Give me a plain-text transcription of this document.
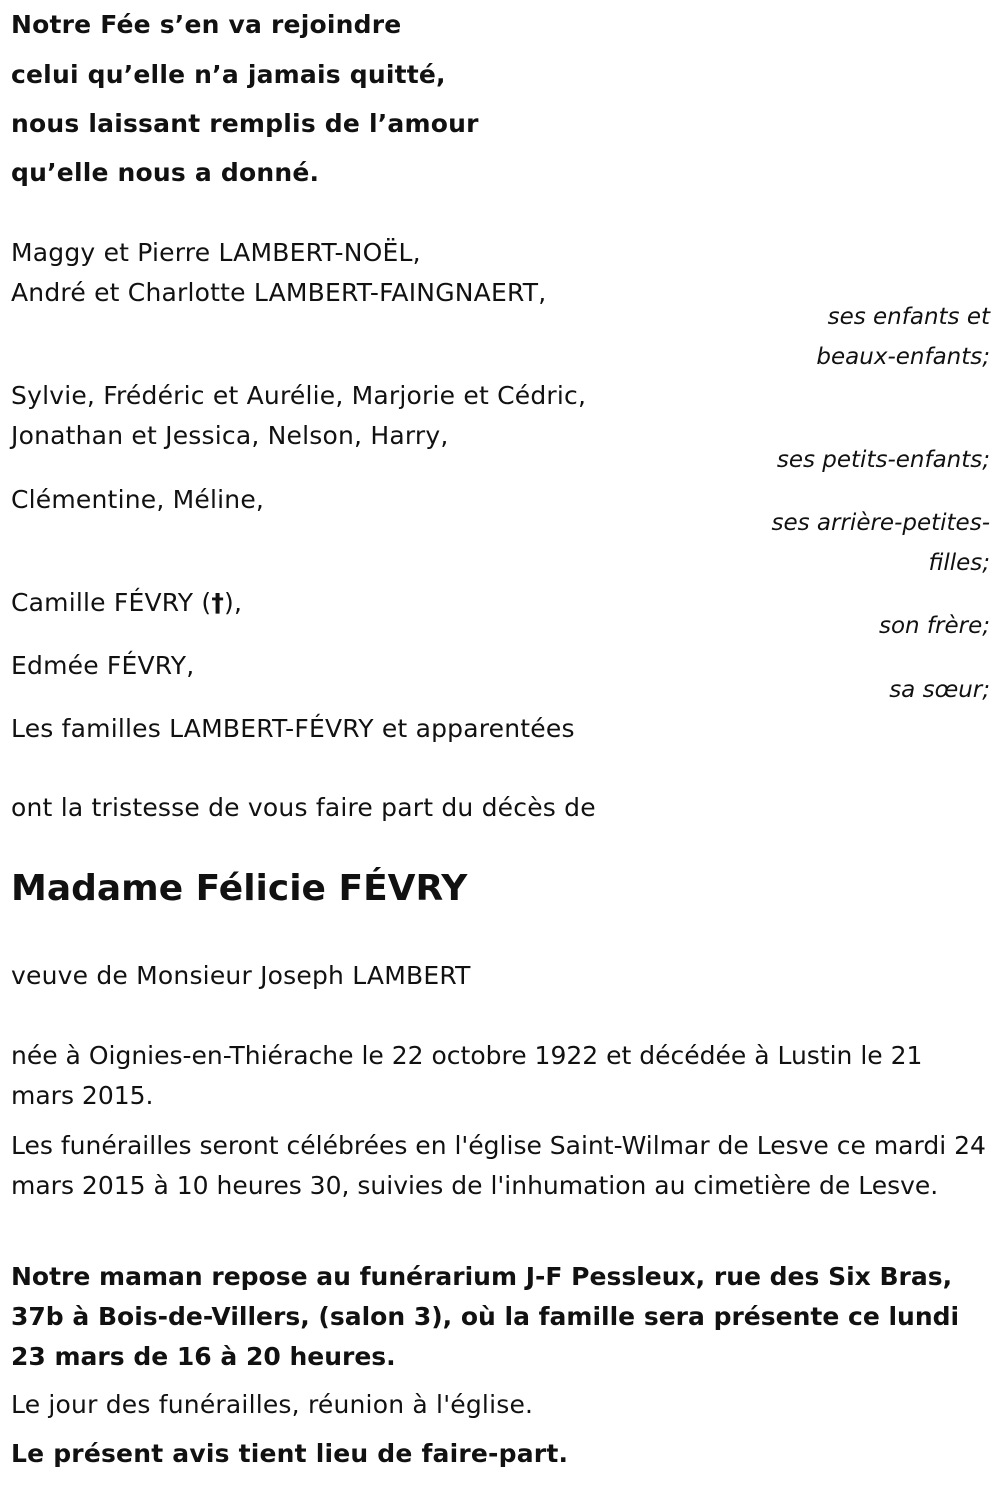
Notre Fée s’en va rejoindre

celui qu’elle n’a jamais quitté,

nous laissant remplis de l’amour

qu’elle nous a donné.

Maggy et Pierre LAMBERT-NOËL,

André et Charlotte LAMBERT-FAINGNAERT,

ses enfants et

beaux-enfants;

Sylvie, Frédéric et Aurélie, Marjorie et Cédric,

Jonathan et Jessica, Nelson, Harry,

ses petits-enfants;

Clémentine, Méline,

ses arrière-petites-

filles;

Camille FÉVRY (†),

son frère;

Edmée FÉVRY,

sa sœur;

Les familles LAMBERT-FÉVRY et apparentées

ont la tristesse de vous faire part du décès de

Madame Félicie FÉVRY

veuve de Monsieur Joseph LAMBERT

née à Oignies-en-Thiérache le 22 octobre 1922 et décédée à Lustin le 21 mars 2015.

Les funérailles seront célébrées en l'église Saint-Wilmar de Lesve ce mardi 24 mars 2015 à 10 heures 30, suivies de l'inhumation au cimetière de Lesve.

Notre maman repose au funérarium J-F Pessleux, rue des Six Bras, 37b à Bois-de-Villers, (salon 3), où la famille sera présente ce lundi 23 mars de 16 à 20 heures.

Le jour des funérailles, réunion à l'église.

Le présent avis tient lieu de faire-part.
